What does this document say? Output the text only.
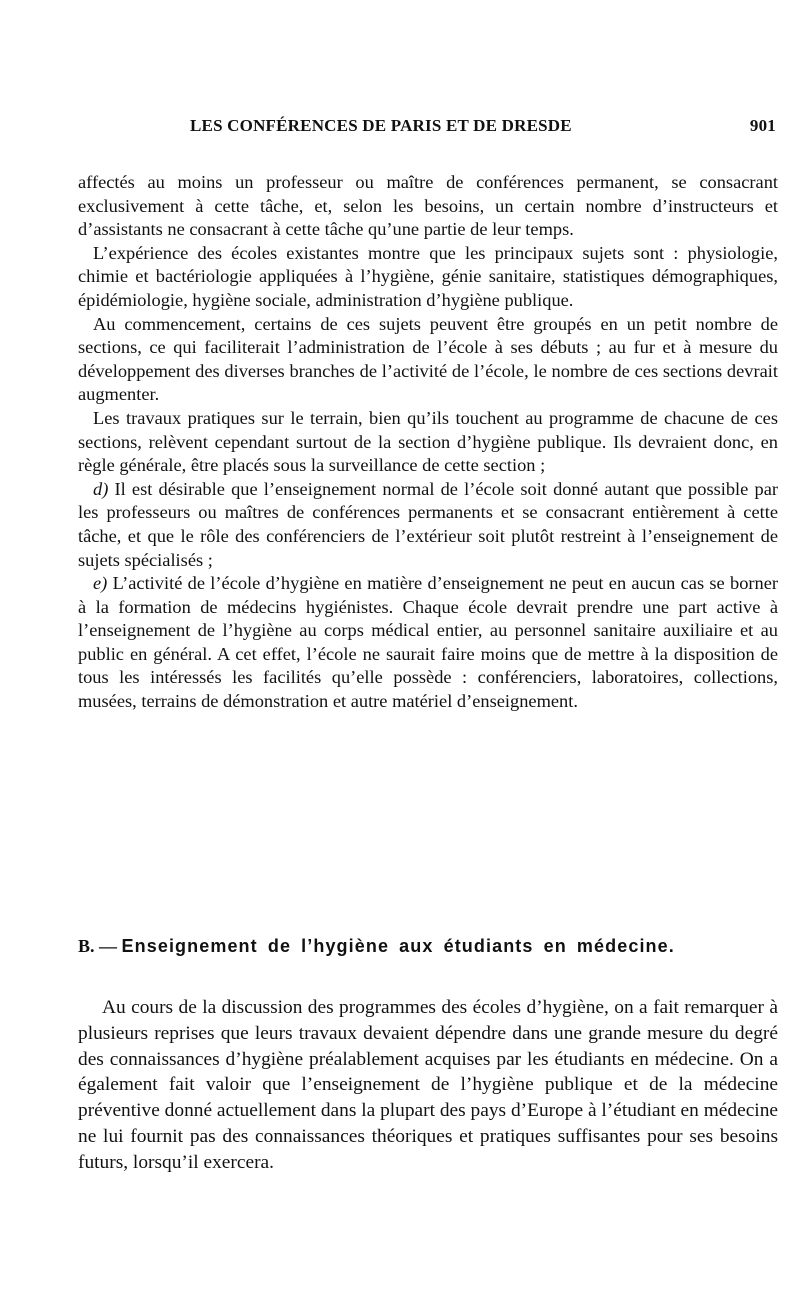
LES CONFÉRENCES DE PARIS ET DE DRESDE	901

affectés au moins un professeur ou maître de conférences permanent, se consacrant exclusivement à cette tâche, et, selon les besoins, un certain nombre d’instructeurs et d’assistants ne consacrant à cette tâche qu’une partie de leur temps.

L’expérience des écoles existantes montre que les principaux sujets sont : physiologie, chimie et bactériologie appliquées à l’hygiène, génie sanitaire, statistiques démographiques, épidémiologie, hygiène sociale, administration d’hygiène publique.

Au commencement, certains de ces sujets peuvent être groupés en un petit nombre de sections, ce qui faciliterait l’administration de l’école à ses débuts ; au fur et à mesure du développement des diverses branches de l’activité de l’école, le nombre de ces sections devrait augmenter.

Les travaux pratiques sur le terrain, bien qu’ils touchent au programme de chacune de ces sections, relèvent cependant surtout de la section d’hygiène publique. Ils devraient donc, en règle générale, être placés sous la surveillance de cette section ;

d) Il est désirable que l’enseignement normal de l’école soit donné autant que possible par les professeurs ou maîtres de conférences permanents et se consacrant entièrement à cette tâche, et que le rôle des conférenciers de l’extérieur soit plutôt restreint à l’enseignement de sujets spécialisés ;

e) L’activité de l’école d’hygiène en matière d’enseignement ne peut en aucun cas se borner à la formation de médecins hygiénistes. Chaque école devrait prendre une part active à l’enseignement de l’hygiène au corps médical entier, au personnel sanitaire auxiliaire et au public en général. A cet effet, l’école ne saurait faire moins que de mettre à la disposition de tous les intéressés les facilités qu’elle possède : conférenciers, laboratoires, collections, musées, terrains de démonstration et autre matériel d’enseignement.

B. — Enseignement de l’hygiène aux étudiants en médecine.

Au cours de la discussion des programmes des écoles d’hygiène, on a fait remarquer à plusieurs reprises que leurs travaux devaient dépendre dans une grande mesure du degré des connaissances d’hygiène préalablement acquises par les étudiants en médecine. On a également fait valoir que l’enseignement de l’hygiène publique et de la médecine préventive donné actuellement dans la plupart des pays d’Europe à l’étudiant en médecine ne lui fournit pas des connaissances théoriques et pratiques suffisantes pour ses besoins futurs, lorsqu’il exercera.
